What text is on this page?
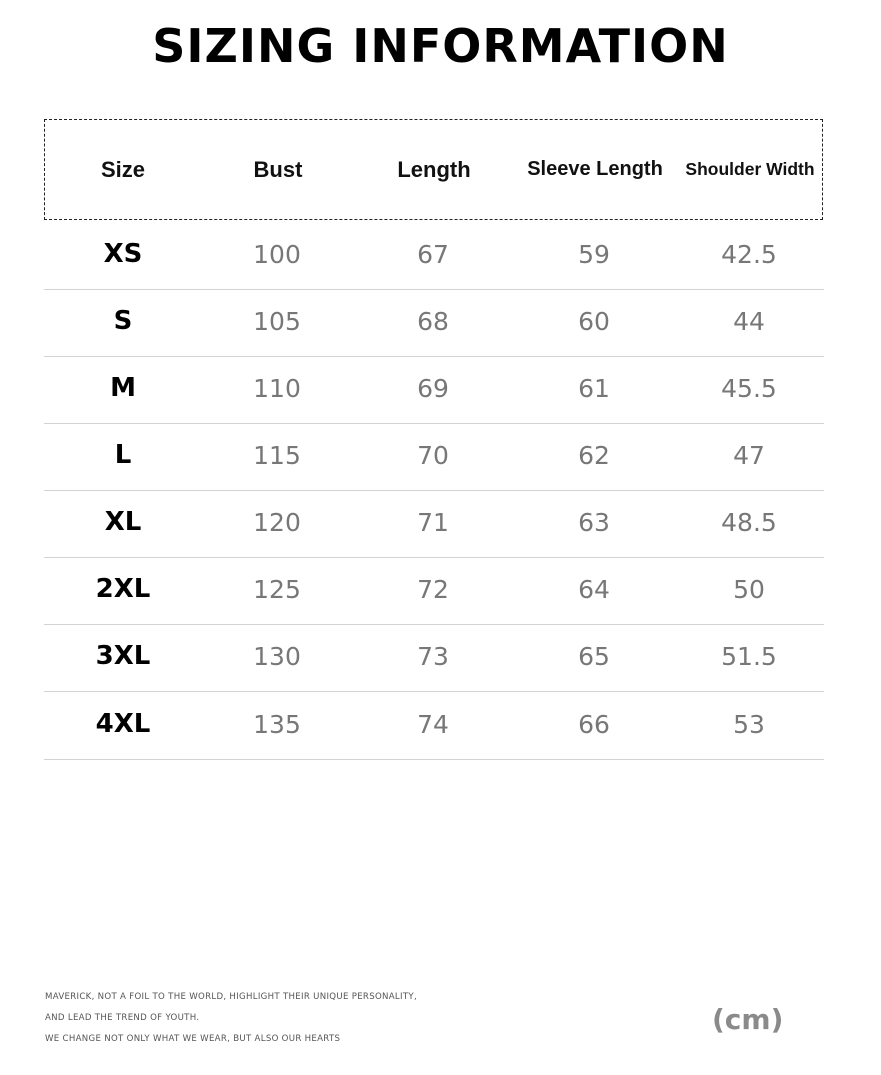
SIZING INFORMATION
Size	Bust	Length	Sleeve Length	Shoulder Width
XS	100	67	59	42.5
S	105	68	60	44
M	110	69	61	45.5
L	115	70	62	47
XL	120	71	63	48.5
2XL	125	72	64	50
3XL	130	73	65	51.5
4XL	135	74	66	53
MAVERICK, NOT A FOIL TO THE WORLD, HIGHLIGHT THEIR UNIQUE PERSONALITY,
AND LEAD THE TREND OF YOUTH.
WE CHANGE NOT ONLY WHAT WE WEAR, BUT ALSO OUR HEARTS
(cm)
